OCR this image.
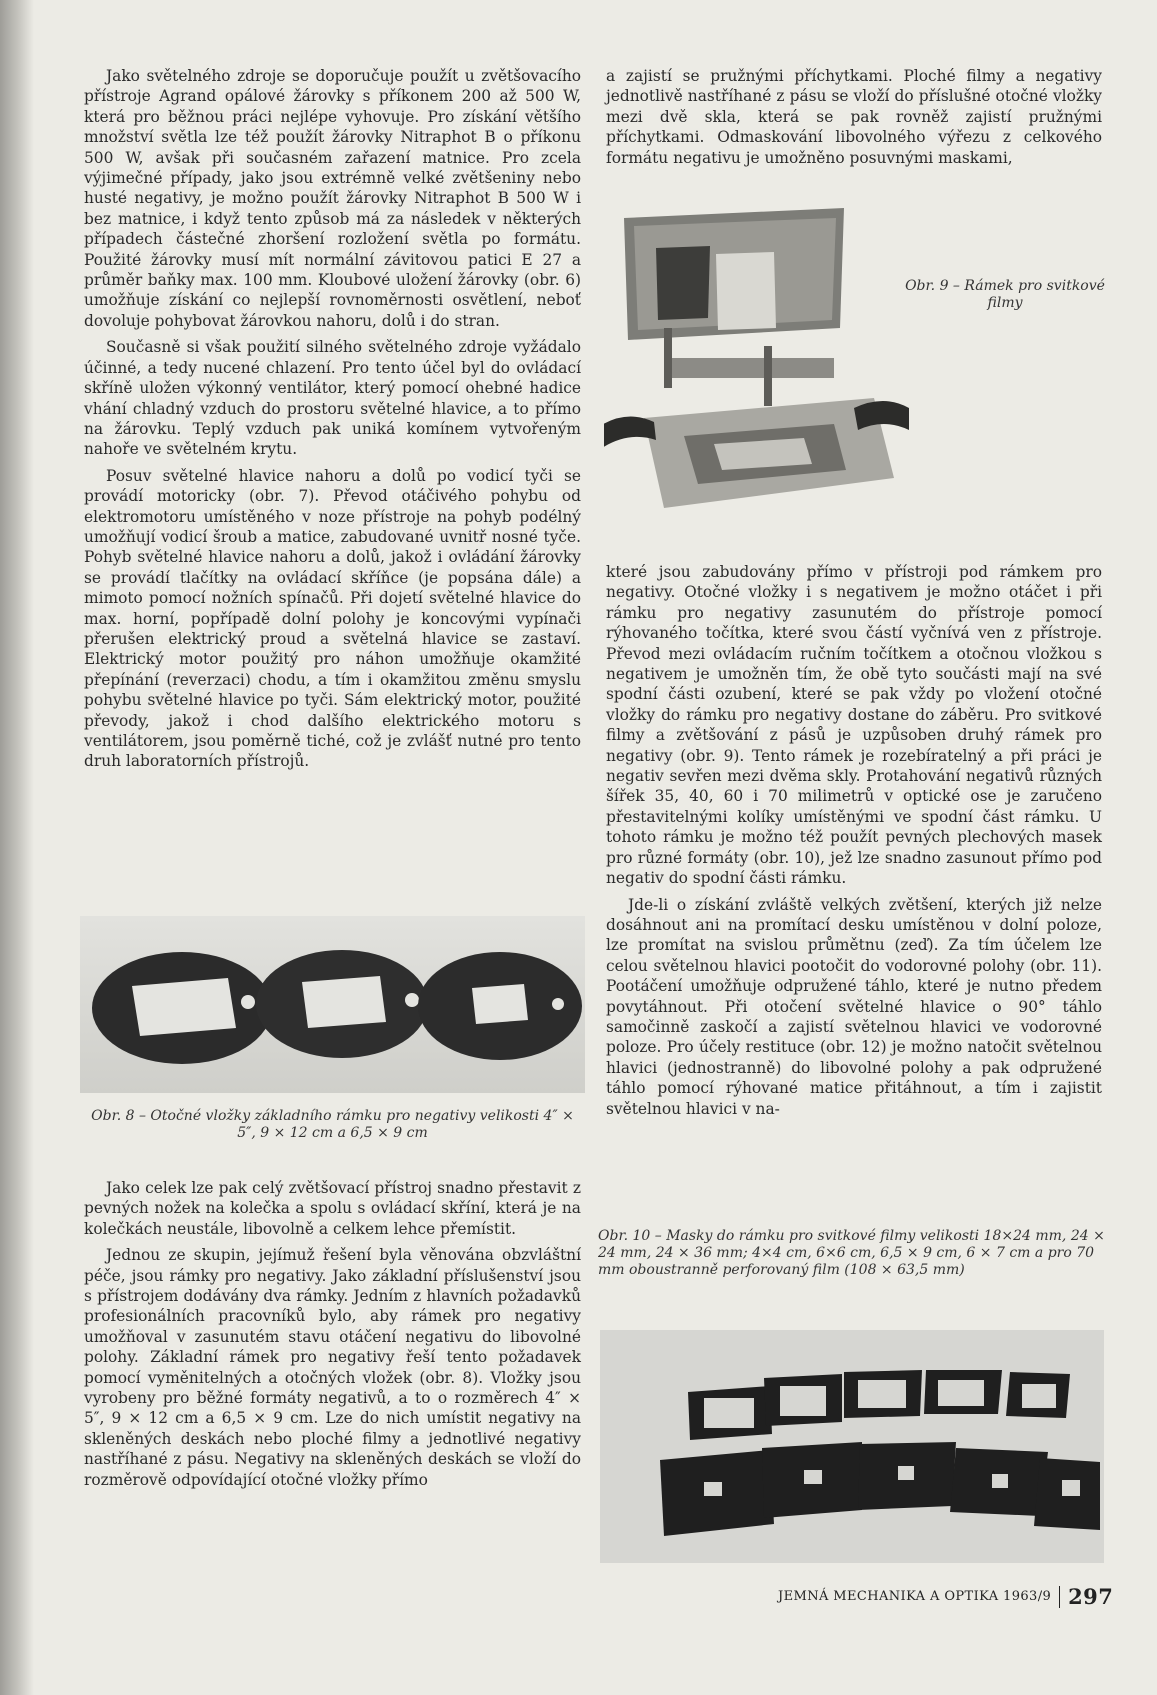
Jako světelného zdroje se doporučuje použít u zvětšovacího přístroje Agrand opálové žárovky s příkonem 200 až 500 W, která pro běžnou práci nejlépe vyhovuje. Pro získání většího množství světla lze též použít žárovky Nitraphot B o příkonu 500 W, avšak při současném zařazení matnice. Pro zcela výjimečné případy, jako jsou extrémně velké zvětšeniny nebo husté negativy, je možno použít žárovky Nitraphot B 500 W i bez matnice, i když tento způsob má za následek v některých případech částečné zhoršení rozložení světla po formátu. Použité žárovky musí mít normální závitovou patici E 27 a průměr baňky max. 100 mm. Kloubové uložení žárovky (obr. 6) umožňuje získání co nejlepší rovnoměrnosti osvětlení, neboť dovoluje pohybovat žárovkou nahoru, dolů i do stran.

Současně si však použití silného světelného zdroje vyžádalo účinné, a tedy nucené chlazení. Pro tento účel byl do ovládací skříně uložen výkonný ventilátor, který pomocí ohebné hadice vhání chladný vzduch do prostoru světelné hlavice, a to přímo na žárovku. Teplý vzduch pak uniká komínem vytvořeným nahoře ve světelném krytu.

Posuv světelné hlavice nahoru a dolů po vodicí tyči se provádí motoricky (obr. 7). Převod otáčivého pohybu od elektromotoru umístěného v noze přístroje na pohyb podélný umožňují vodicí šroub a matice, zabudované uvnitř nosné tyče. Pohyb světelné hlavice nahoru a dolů, jakož i ovládání žárovky se provádí tlačítky na ovládací skříňce (je popsána dále) a mimoto pomocí nožních spínačů. Při dojetí světelné hlavice do max. horní, popřípadě dolní polohy je koncovými vypínači přerušen elektrický proud a světelná hlavice se zastaví. Elektrický motor použitý pro náhon umožňuje okamžité přepínání (reverzaci) chodu, a tím i okamžitou změnu smyslu pohybu světelné hlavice po tyči. Sám elektrický motor, použité převody, jakož i chod dalšího elektrického motoru s ventilátorem, jsou poměrně tiché, což je zvlášť nutné pro tento druh laboratorních přístrojů.

Obr. 8 – Otočné vložky základního rámku pro negativy velikosti 4″ × 5″, 9 × 12 cm a 6,5 × 9 cm

Jako celek lze pak celý zvětšovací přístroj snadno přestavit z pevných nožek na kolečka a spolu s ovládací skříní, která je na kolečkách neustále, libovolně a celkem lehce přemístit.

Jednou ze skupin, jejímuž řešení byla věnována obzvláštní péče, jsou rámky pro negativy. Jako základní příslušenství jsou s přístrojem dodávány dva rámky. Jedním z hlavních požadavků profesionálních pracovníků bylo, aby rámek pro negativy umožňoval v zasunutém stavu otáčení negativu do libovolné polohy. Základní rámek pro negativy řeší tento požadavek pomocí vyměnitelných a otočných vložek (obr. 8). Vložky jsou vyrobeny pro běžné formáty negativů, a to o rozměrech 4″ × 5″, 9 × 12 cm a 6,5 × 9 cm. Lze do nich umístit negativy na skleněných deskách nebo ploché filmy a jednotlivé negativy nastříhané z pásu. Negativy na skleněných deskách se vloží do rozměrově odpovídající otočné vložky přímo

a zajistí se pružnými příchytkami. Ploché filmy a negativy jednotlivě nastříhané z pásu se vloží do příslušné otočné vložky mezi dvě skla, která se pak rovněž zajistí pružnými příchytkami. Odmaskování libovolného výřezu z celkového formátu negativu je umožněno posuvnými maskami,

Obr. 9 – Rámek pro svitkové filmy

které jsou zabudovány přímo v přístroji pod rámkem pro negativy. Otočné vložky i s negativem je možno otáčet i při rámku pro negativy zasunutém do přístroje pomocí rýhovaného točítka, které svou částí vyčnívá ven z přístroje. Převod mezi ovládacím ručním točítkem a otočnou vložkou s negativem je umožněn tím, že obě tyto součásti mají na své spodní části ozubení, které se pak vždy po vložení otočné vložky do rámku pro negativy dostane do záběru. Pro svitkové filmy a zvětšování z pásů je uzpůsoben druhý rámek pro negativy (obr. 9). Tento rámek je rozebíratelný a při práci je negativ sevřen mezi dvěma skly. Protahování negativů různých šířek 35, 40, 60 i 70 milimetrů v optické ose je zaručeno přestavitelnými kolíky umístěnými ve spodní část rámku. U tohoto rámku je možno též použít pevných plechových masek pro různé formáty (obr. 10), jež lze snadno zasunout přímo pod negativ do spodní části rámku.

Jde-li o získání zvláště velkých zvětšení, kterých již nelze dosáhnout ani na promítací desku umístěnou v dolní poloze, lze promítat na svislou průmětnu (zeď). Za tím účelem lze celou světelnou hlavici pootočit do vodorovné polohy (obr. 11). Pootáčení umožňuje odpružené táhlo, které je nutno předem povytáhnout. Při otočení světelné hlavice o 90° táhlo samočinně zaskočí a zajistí světelnou hlavici ve vodorovné poloze. Pro účely restituce (obr. 12) je možno natočit světelnou hlavici (jednostranně) do libovolné polohy a pak odpružené táhlo pomocí rýhované matice přitáhnout, a tím i zajistit světelnou hlavici v na-

Obr. 10 – Masky do rámku pro svitkové filmy velikosti 18×24 mm, 24 × 24 mm, 24 × 36 mm; 4×4 cm, 6×6 cm, 6,5 × 9 cm, 6 × 7 cm a pro 70 mm oboustranně perforovaný film (108 × 63,5 mm)
JEMNÁ MECHANIKA A OPTIKA 1963/9 297
